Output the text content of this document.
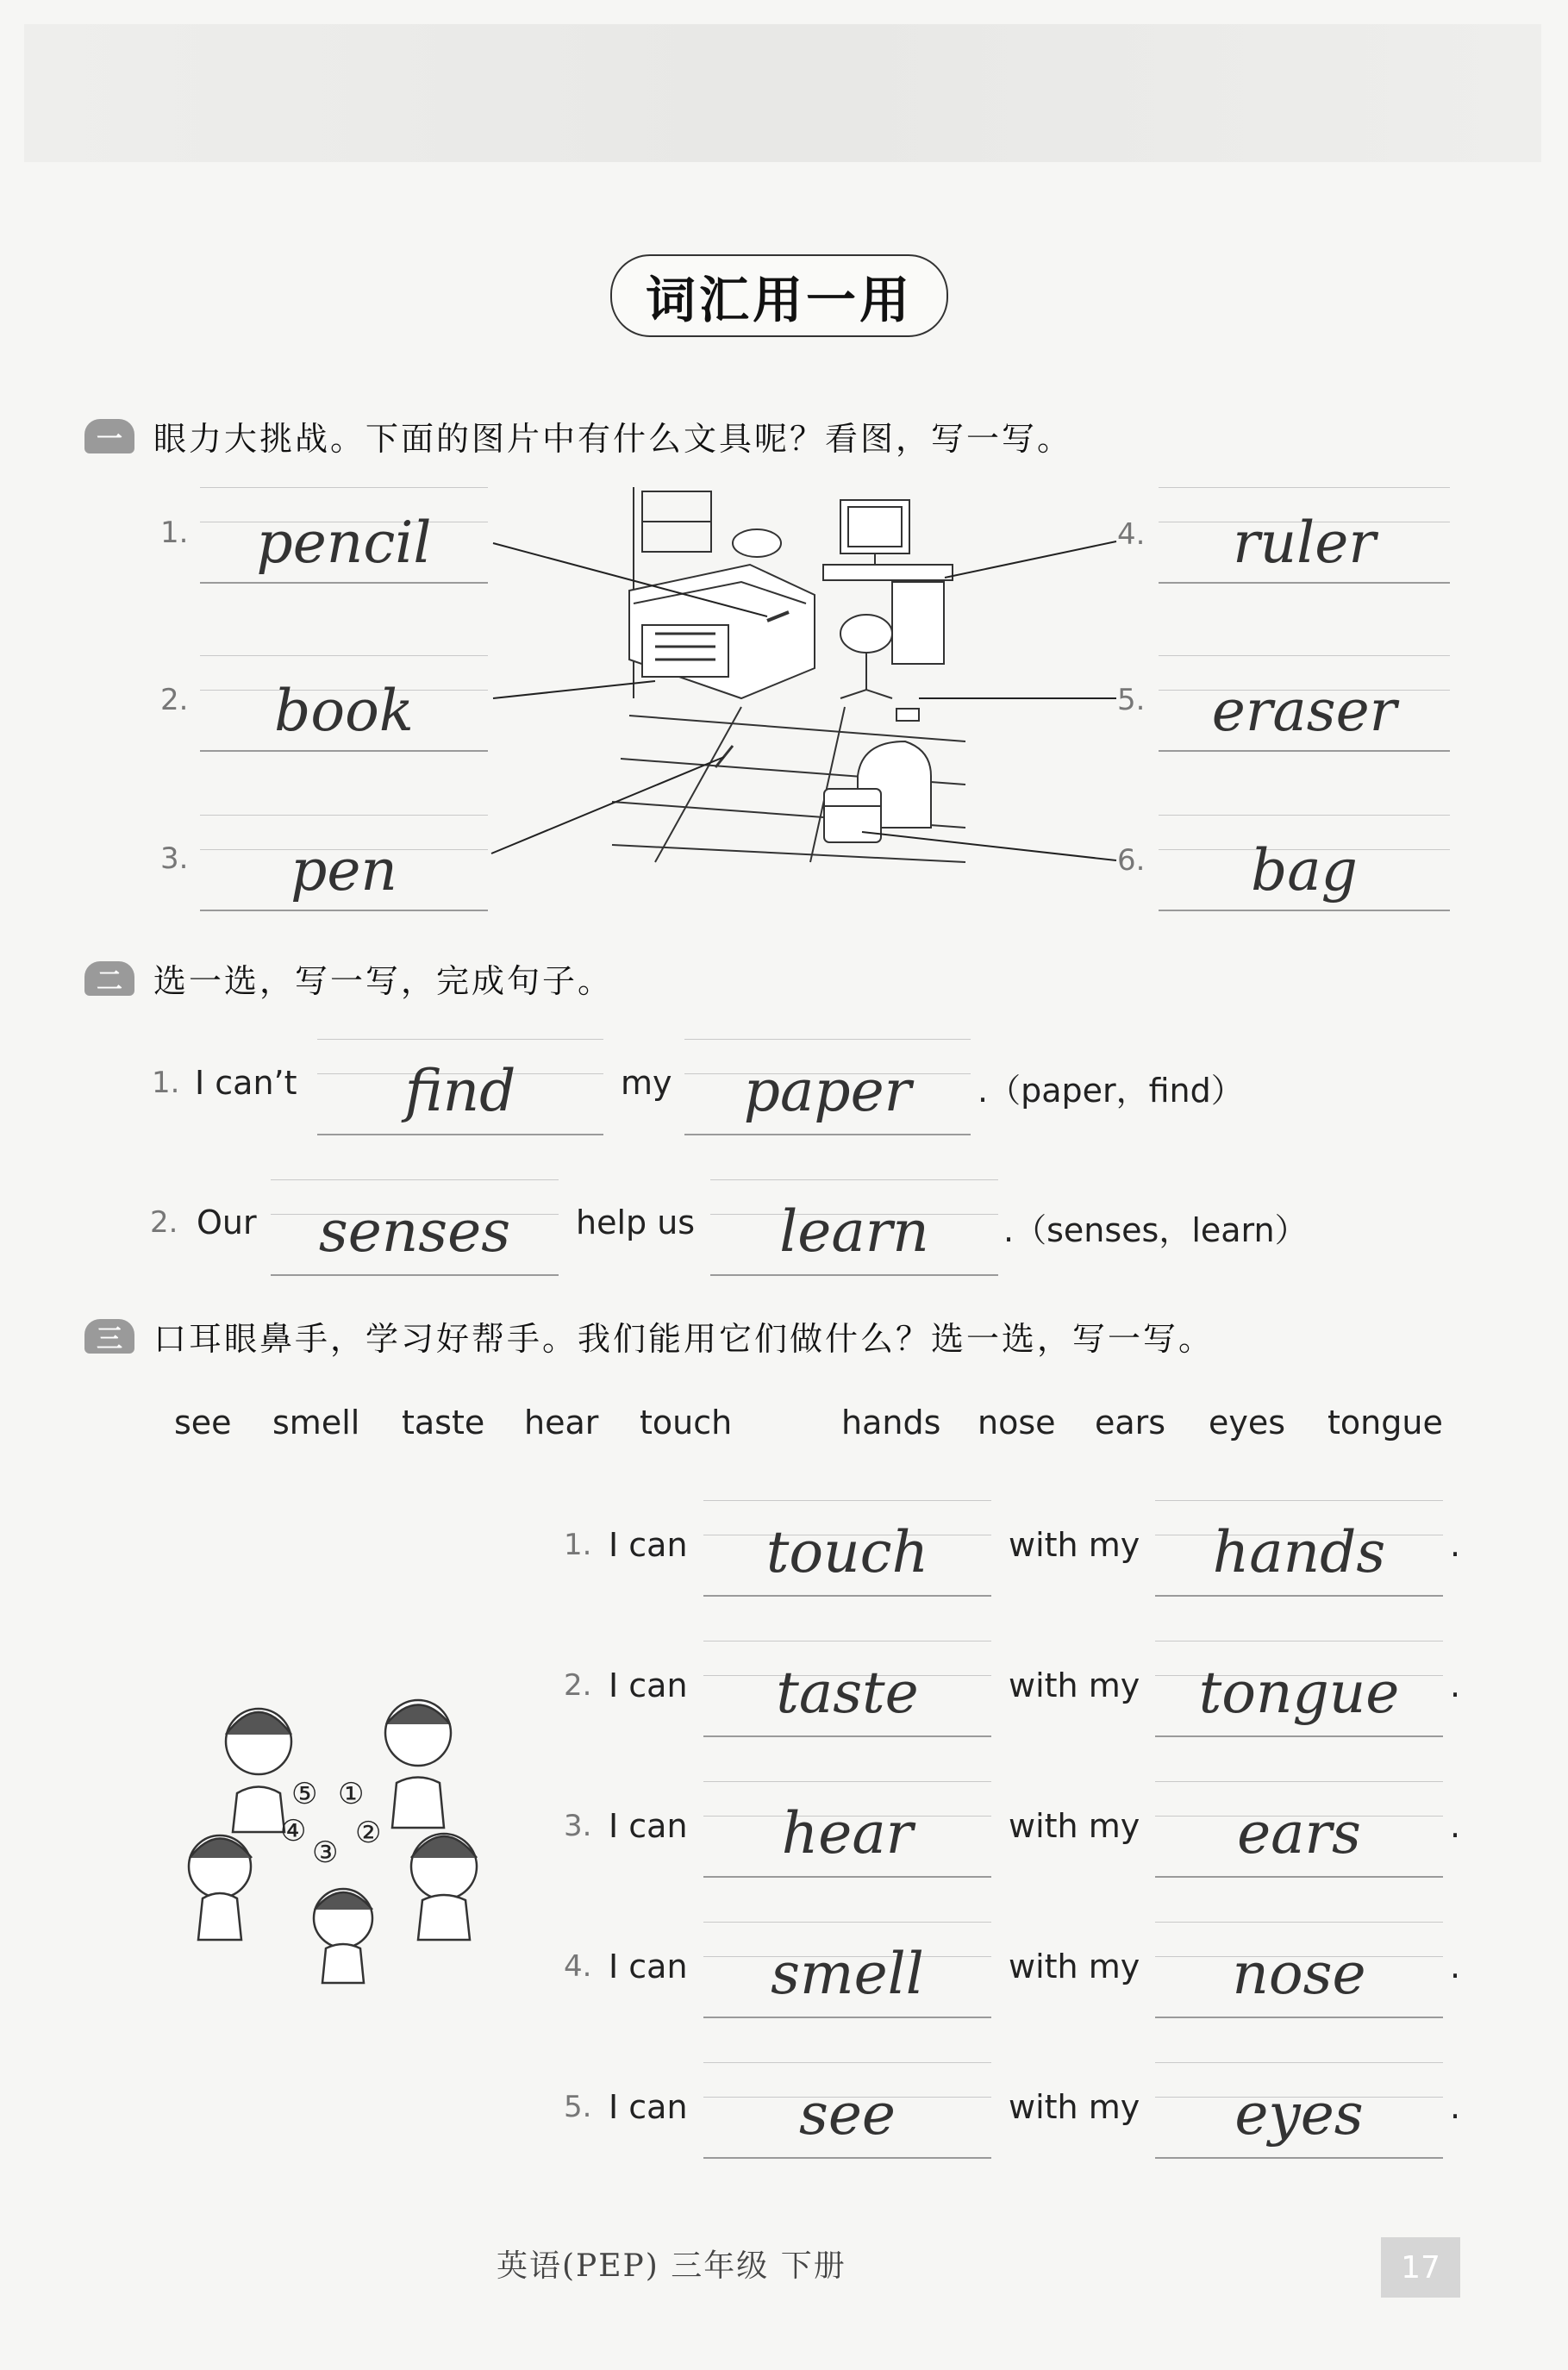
词汇用一用
一 眼力大挑战。下面的图片中有什么文具呢？看图，写一写。
1.	pencil
2.	book
3.	pen
4.	ruler
5.	eraser
6.	bag
二 选一选，写一写，完成句子。
1. I can’t	find	my	paper	.（paper，find）
2. Our	senses	help us	learn	.（senses，learn）
三 口耳眼鼻手，学习好帮手。我们能用它们做什么？选一选，写一写。
see smell taste hear touch	hands nose ears eyes tongue
1. I can	touch	with my	hands	.
2. I can	taste	with my	tongue	.
3. I can	hear	with my	ears	.
4. I can	smell	with my	nose	.
5. I can	see	with my	eyes	.
⑤ ①
④ ②
③
英语(PEP) 三年级 下册	17
